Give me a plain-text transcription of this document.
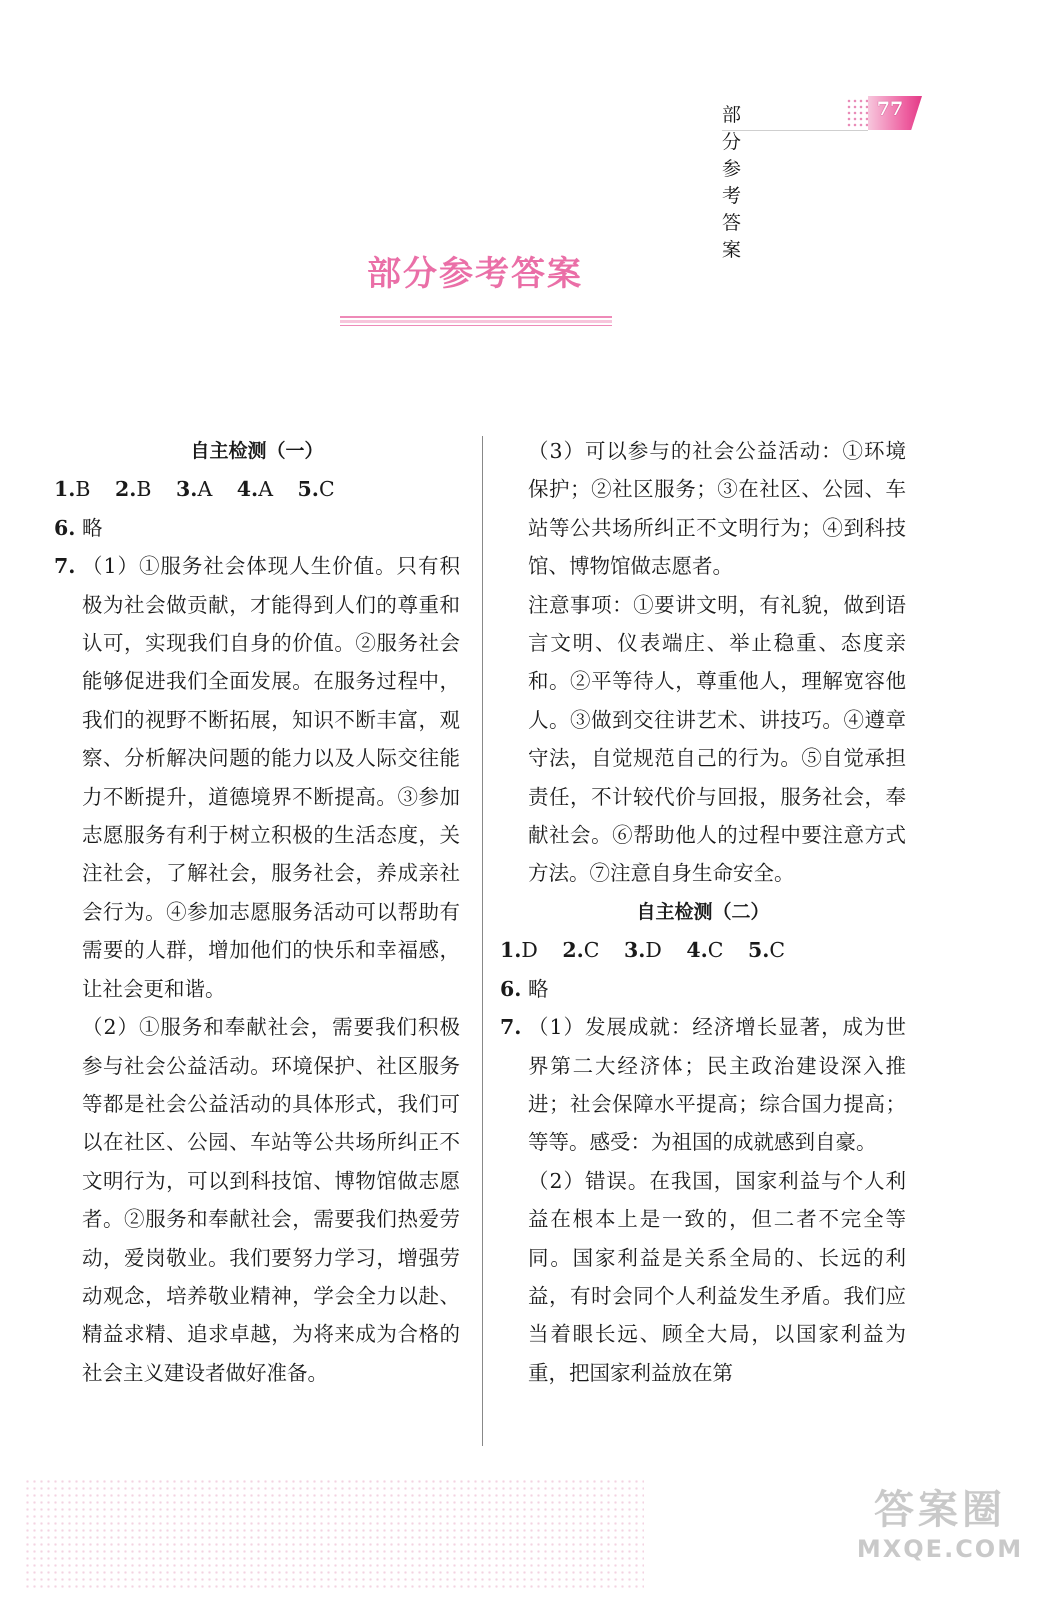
部分参考答案
77
部分参考答案
自主检测（一）
1.B 2.B 3.A 4.A 5.C
6. 略
7. （1）①服务社会体现人生价值。只有积极为社会做贡献，才能得到人们的尊重和认可，实现我们自身的价值。②服务社会能够促进我们全面发展。在服务过程中，我们的视野不断拓展，知识不断丰富，观察、分析解决问题的能力以及人际交往能力不断提升，道德境界不断提高。③参加志愿服务有利于树立积极的生活态度，关注社会，了解社会，服务社会，养成亲社会行为。④参加志愿服务活动可以帮助有需要的人群，增加他们的快乐和幸福感，让社会更和谐。
（2）①服务和奉献社会，需要我们积极参与社会公益活动。环境保护、社区服务等都是社会公益活动的具体形式，我们可以在社区、公园、车站等公共场所纠正不文明行为，可以到科技馆、博物馆做志愿者。②服务和奉献社会，需要我们热爱劳动，爱岗敬业。我们要努力学习，增强劳动观念，培养敬业精神，学会全力以赴、精益求精、追求卓越，为将来成为合格的社会主义建设者做好准备。
（3）可以参与的社会公益活动：①环境保护；②社区服务；③在社区、公园、车站等公共场所纠正不文明行为；④到科技馆、博物馆做志愿者。
注意事项：①要讲文明，有礼貌，做到语言文明、仪表端庄、举止稳重、态度亲和。②平等待人，尊重他人，理解宽容他人。③做到交往讲艺术、讲技巧。④遵章守法，自觉规范自己的行为。⑤自觉承担责任，不计较代价与回报，服务社会，奉献社会。⑥帮助他人的过程中要注意方式方法。⑦注意自身生命安全。
自主检测（二）
1.D 2.C 3.D 4.C 5.C
6. 略
7. （1）发展成就：经济增长显著，成为世界第二大经济体；民主政治建设深入推进；社会保障水平提高；综合国力提高；等等。感受：为祖国的成就感到自豪。
（2）错误。在我国，国家利益与个人利益在根本上是一致的，但二者不完全等同。国家利益是关系全局的、长远的利益，有时会同个人利益发生矛盾。我们应当着眼长远、顾全大局，以国家利益为重，把国家利益放在第
答案圈
MXQE.COM
